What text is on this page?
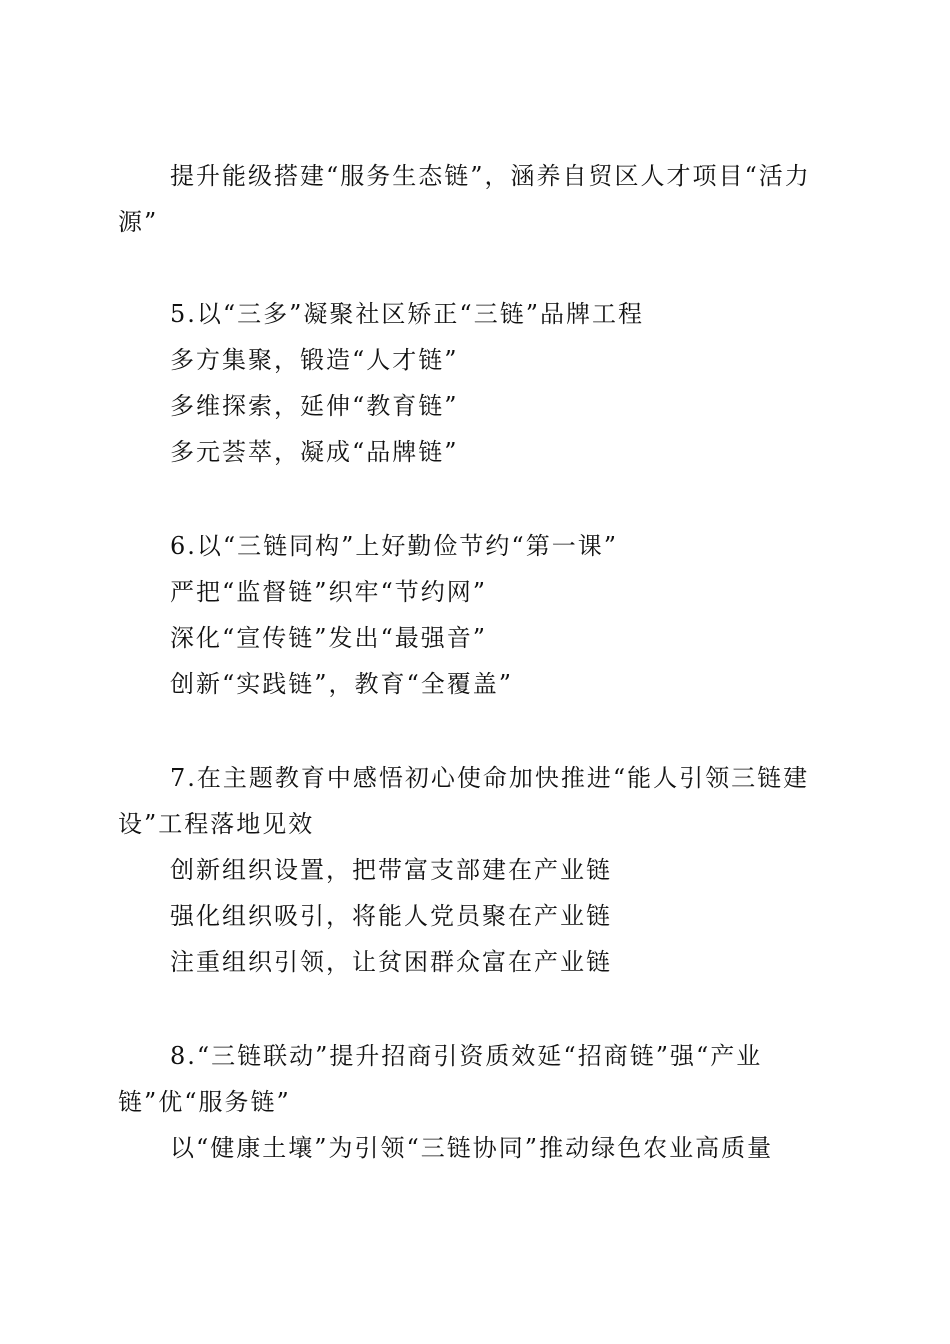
提升能级搭建“服务生态链”，涵养自贸区人才项目“活力
源”
5.以“三多”凝聚社区矫正“三链”品牌工程
多方集聚，锻造“人才链”
多维探索，延伸“教育链”
多元荟萃，凝成“品牌链”
6.以“三链同构”上好勤俭节约“第一课”
严把“监督链”织牢“节约网”
深化“宣传链”发出“最强音”
创新“实践链”，教育“全覆盖”
7.在主题教育中感悟初心使命加快推进“能人引领三链建
设”工程落地见效
创新组织设置，把带富支部建在产业链
强化组织吸引，将能人党员聚在产业链
注重组织引领，让贫困群众富在产业链
8.“三链联动”提升招商引资质效延“招商链”强“产业
链”优“服务链”
以“健康土壤”为引领“三链协同”推动绿色农业高质量
